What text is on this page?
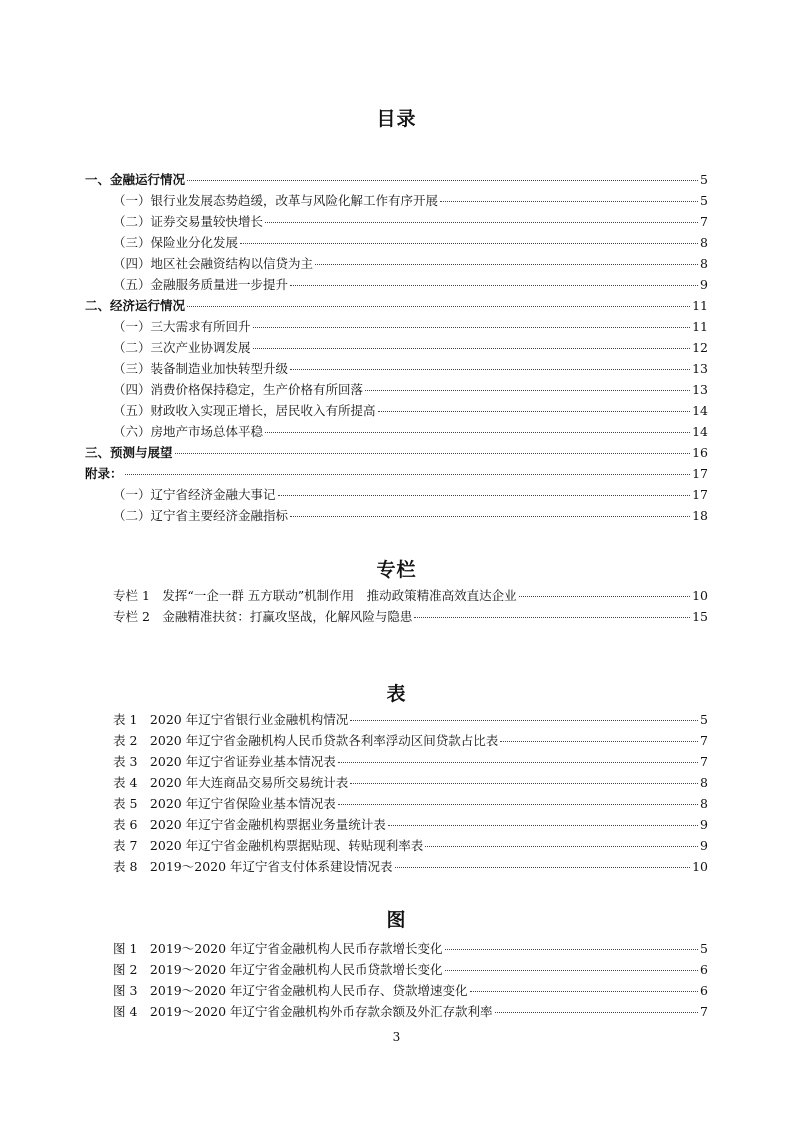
目录
专栏
表
图
一、金融运行情况	5
（一）银行业发展态势趋缓，改革与风险化解工作有序开展	5
（二）证券交易量较快增长	7
（三）保险业分化发展	8
（四）地区社会融资结构以信贷为主	8
（五）金融服务质量进一步提升	9
二、经济运行情况	11
（一）三大需求有所回升	11
（二）三次产业协调发展	12
（三）装备制造业加快转型升级	13
（四）消费价格保持稳定，生产价格有所回落	13
（五）财政收入实现正增长，居民收入有所提高	14
（六）房地产市场总体平稳	14
三、预测与展望	16
附录：	17
（一）辽宁省经济金融大事记	17
（二）辽宁省主要经济金融指标	18
专栏 1　发挥“一企一群 五方联动”机制作用　推动政策精准高效直达企业	10
专栏 2　金融精准扶贫：打赢攻坚战，化解风险与隐患	15
表 1　2020 年辽宁省银行业金融机构情况	5
表 2　2020 年辽宁省金融机构人民币贷款各利率浮动区间贷款占比表	7
表 3　2020 年辽宁省证券业基本情况表	7
表 4　2020 年大连商品交易所交易统计表	8
表 5　2020 年辽宁省保险业基本情况表	8
表 6　2020 年辽宁省金融机构票据业务量统计表	9
表 7　2020 年辽宁省金融机构票据贴现、转贴现利率表	9
表 8　2019～2020 年辽宁省支付体系建设情况表	10
图 1　2019～2020 年辽宁省金融机构人民币存款增长变化	5
图 2　2019～2020 年辽宁省金融机构人民币贷款增长变化	6
图 3　2019～2020 年辽宁省金融机构人民币存、贷款增速变化	6
图 4　2019～2020 年辽宁省金融机构外币存款余额及外汇存款利率	7
3
